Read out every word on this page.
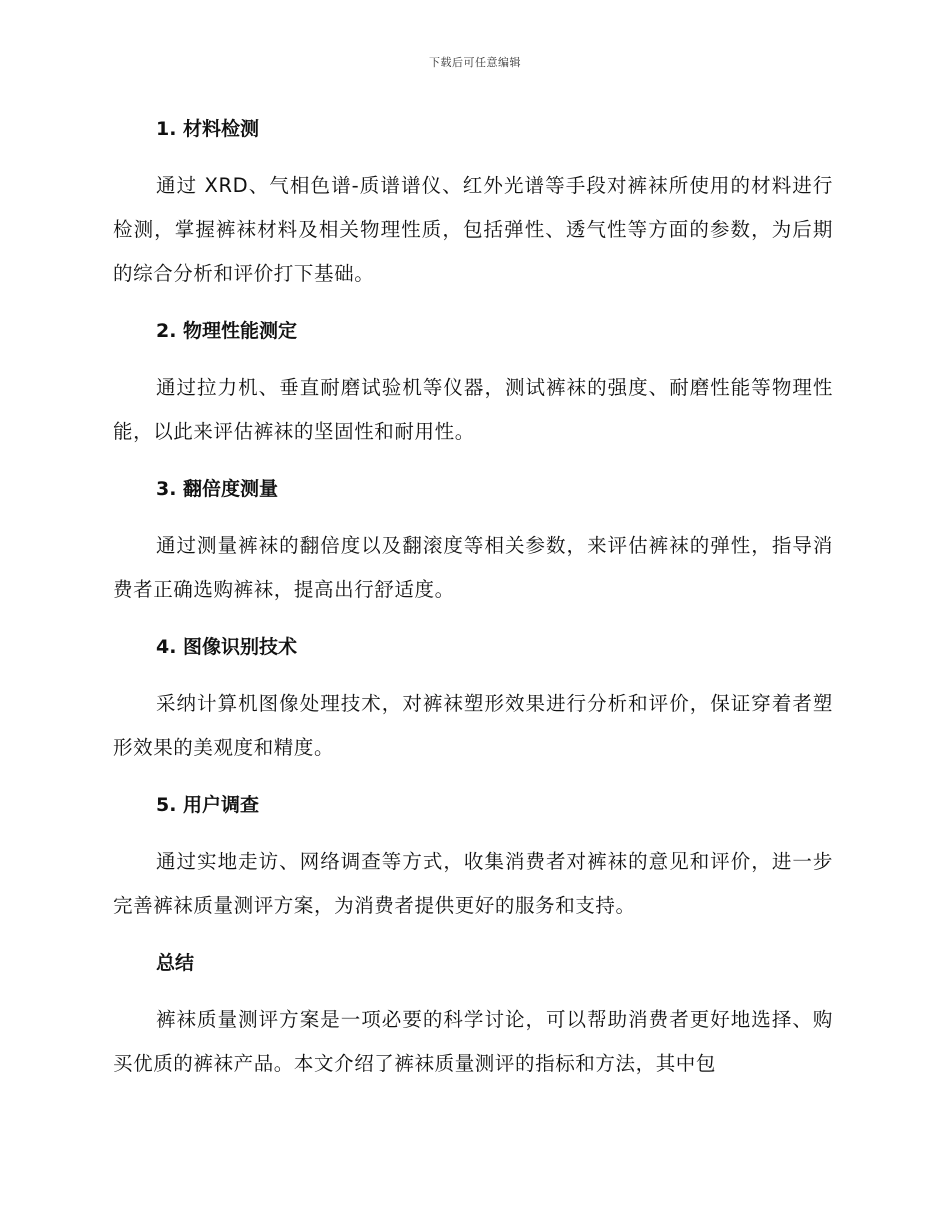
下载后可任意编辑
1. 材料检测

通过 XRD、气相色谱-质谱谱仪、红外光谱等手段对裤袜所使用的材料进行检测，掌握裤袜材料及相关物理性质，包括弹性、透气性等方面的参数，为后期的综合分析和评价打下基础。

2. 物理性能测定

通过拉力机、垂直耐磨试验机等仪器，测试裤袜的强度、耐磨性能等物理性能，以此来评估裤袜的坚固性和耐用性。

3. 翻倍度测量

通过测量裤袜的翻倍度以及翻滚度等相关参数，来评估裤袜的弹性，指导消费者正确选购裤袜，提高出行舒适度。

4. 图像识别技术

采纳计算机图像处理技术，对裤袜塑形效果进行分析和评价，保证穿着者塑形效果的美观度和精度。

5. 用户调查

通过实地走访、网络调查等方式，收集消费者对裤袜的意见和评价，进一步完善裤袜质量测评方案，为消费者提供更好的服务和支持。

总结

裤袜质量测评方案是一项必要的科学讨论，可以帮助消费者更好地选择、购买优质的裤袜产品。本文介绍了裤袜质量测评的指标和方法，其中包
